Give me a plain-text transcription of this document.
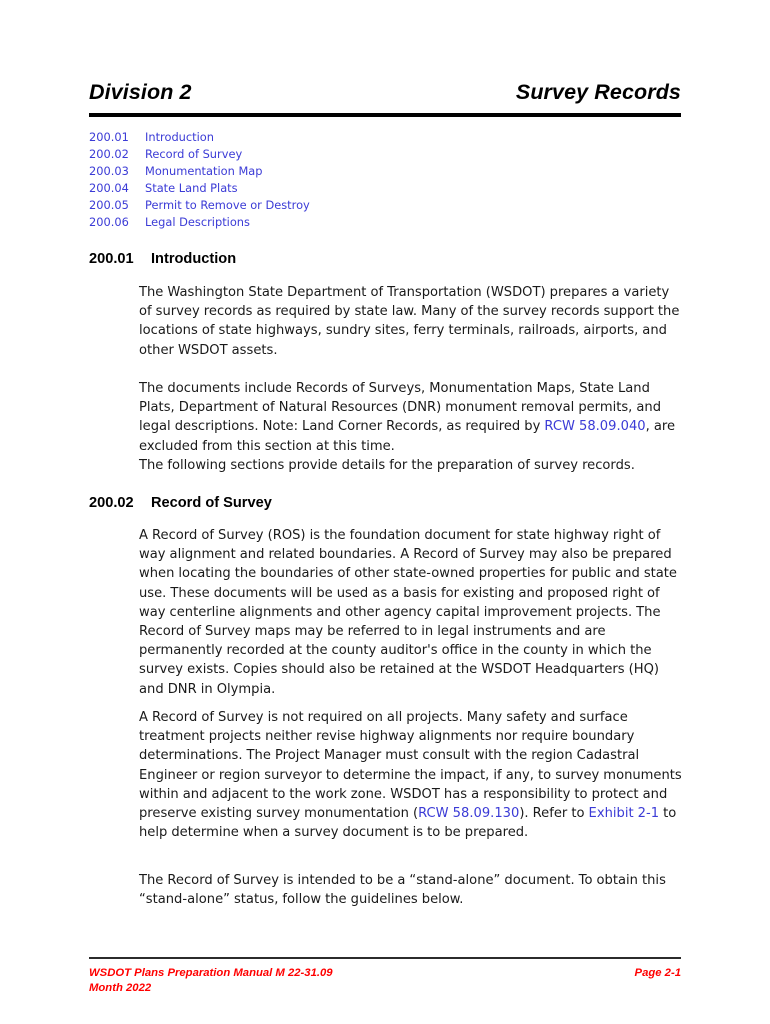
Division 2	Survey Records
200.01	Introduction
200.02	Record of Survey
200.03	Monumentation Map
200.04	State Land Plats
200.05	Permit to Remove or Destroy
200.06	Legal Descriptions
200.01	Introduction
The Washington State Department of Transportation (WSDOT) prepares a variety of survey records as required by state law. Many of the survey records support the locations of state highways, sundry sites, ferry terminals, railroads, airports, and other WSDOT assets.
The documents include Records of Surveys, Monumentation Maps, State Land Plats, Department of Natural Resources (DNR) monument removal permits, and legal descriptions. Note: Land Corner Records, as required by RCW 58.09.040, are excluded from this section at this time.
The following sections provide details for the preparation of survey records.
200.02	Record of Survey
A Record of Survey (ROS) is the foundation document for state highway right of way alignment and related boundaries. A Record of Survey may also be prepared when locating the boundaries of other state-owned properties for public and state use. These documents will be used as a basis for existing and proposed right of way centerline alignments and other agency capital improvement projects. The Record of Survey maps may be referred to in legal instruments and are permanently recorded at the county auditor's office in the county in which the survey exists. Copies should also be retained at the WSDOT Headquarters (HQ) and DNR in Olympia.
A Record of Survey is not required on all projects. Many safety and surface treatment projects neither revise highway alignments nor require boundary determinations. The Project Manager must consult with the region Cadastral Engineer or region surveyor to determine the impact, if any, to survey monuments within and adjacent to the work zone. WSDOT has a responsibility to protect and preserve existing survey monumentation (RCW 58.09.130). Refer to Exhibit 2-1 to help determine when a survey document is to be prepared.
The Record of Survey is intended to be a “stand-alone” document. To obtain this “stand-alone” status, follow the guidelines below.
WSDOT Plans Preparation Manual M 22-31.09
Month 2022
Page 2-1
